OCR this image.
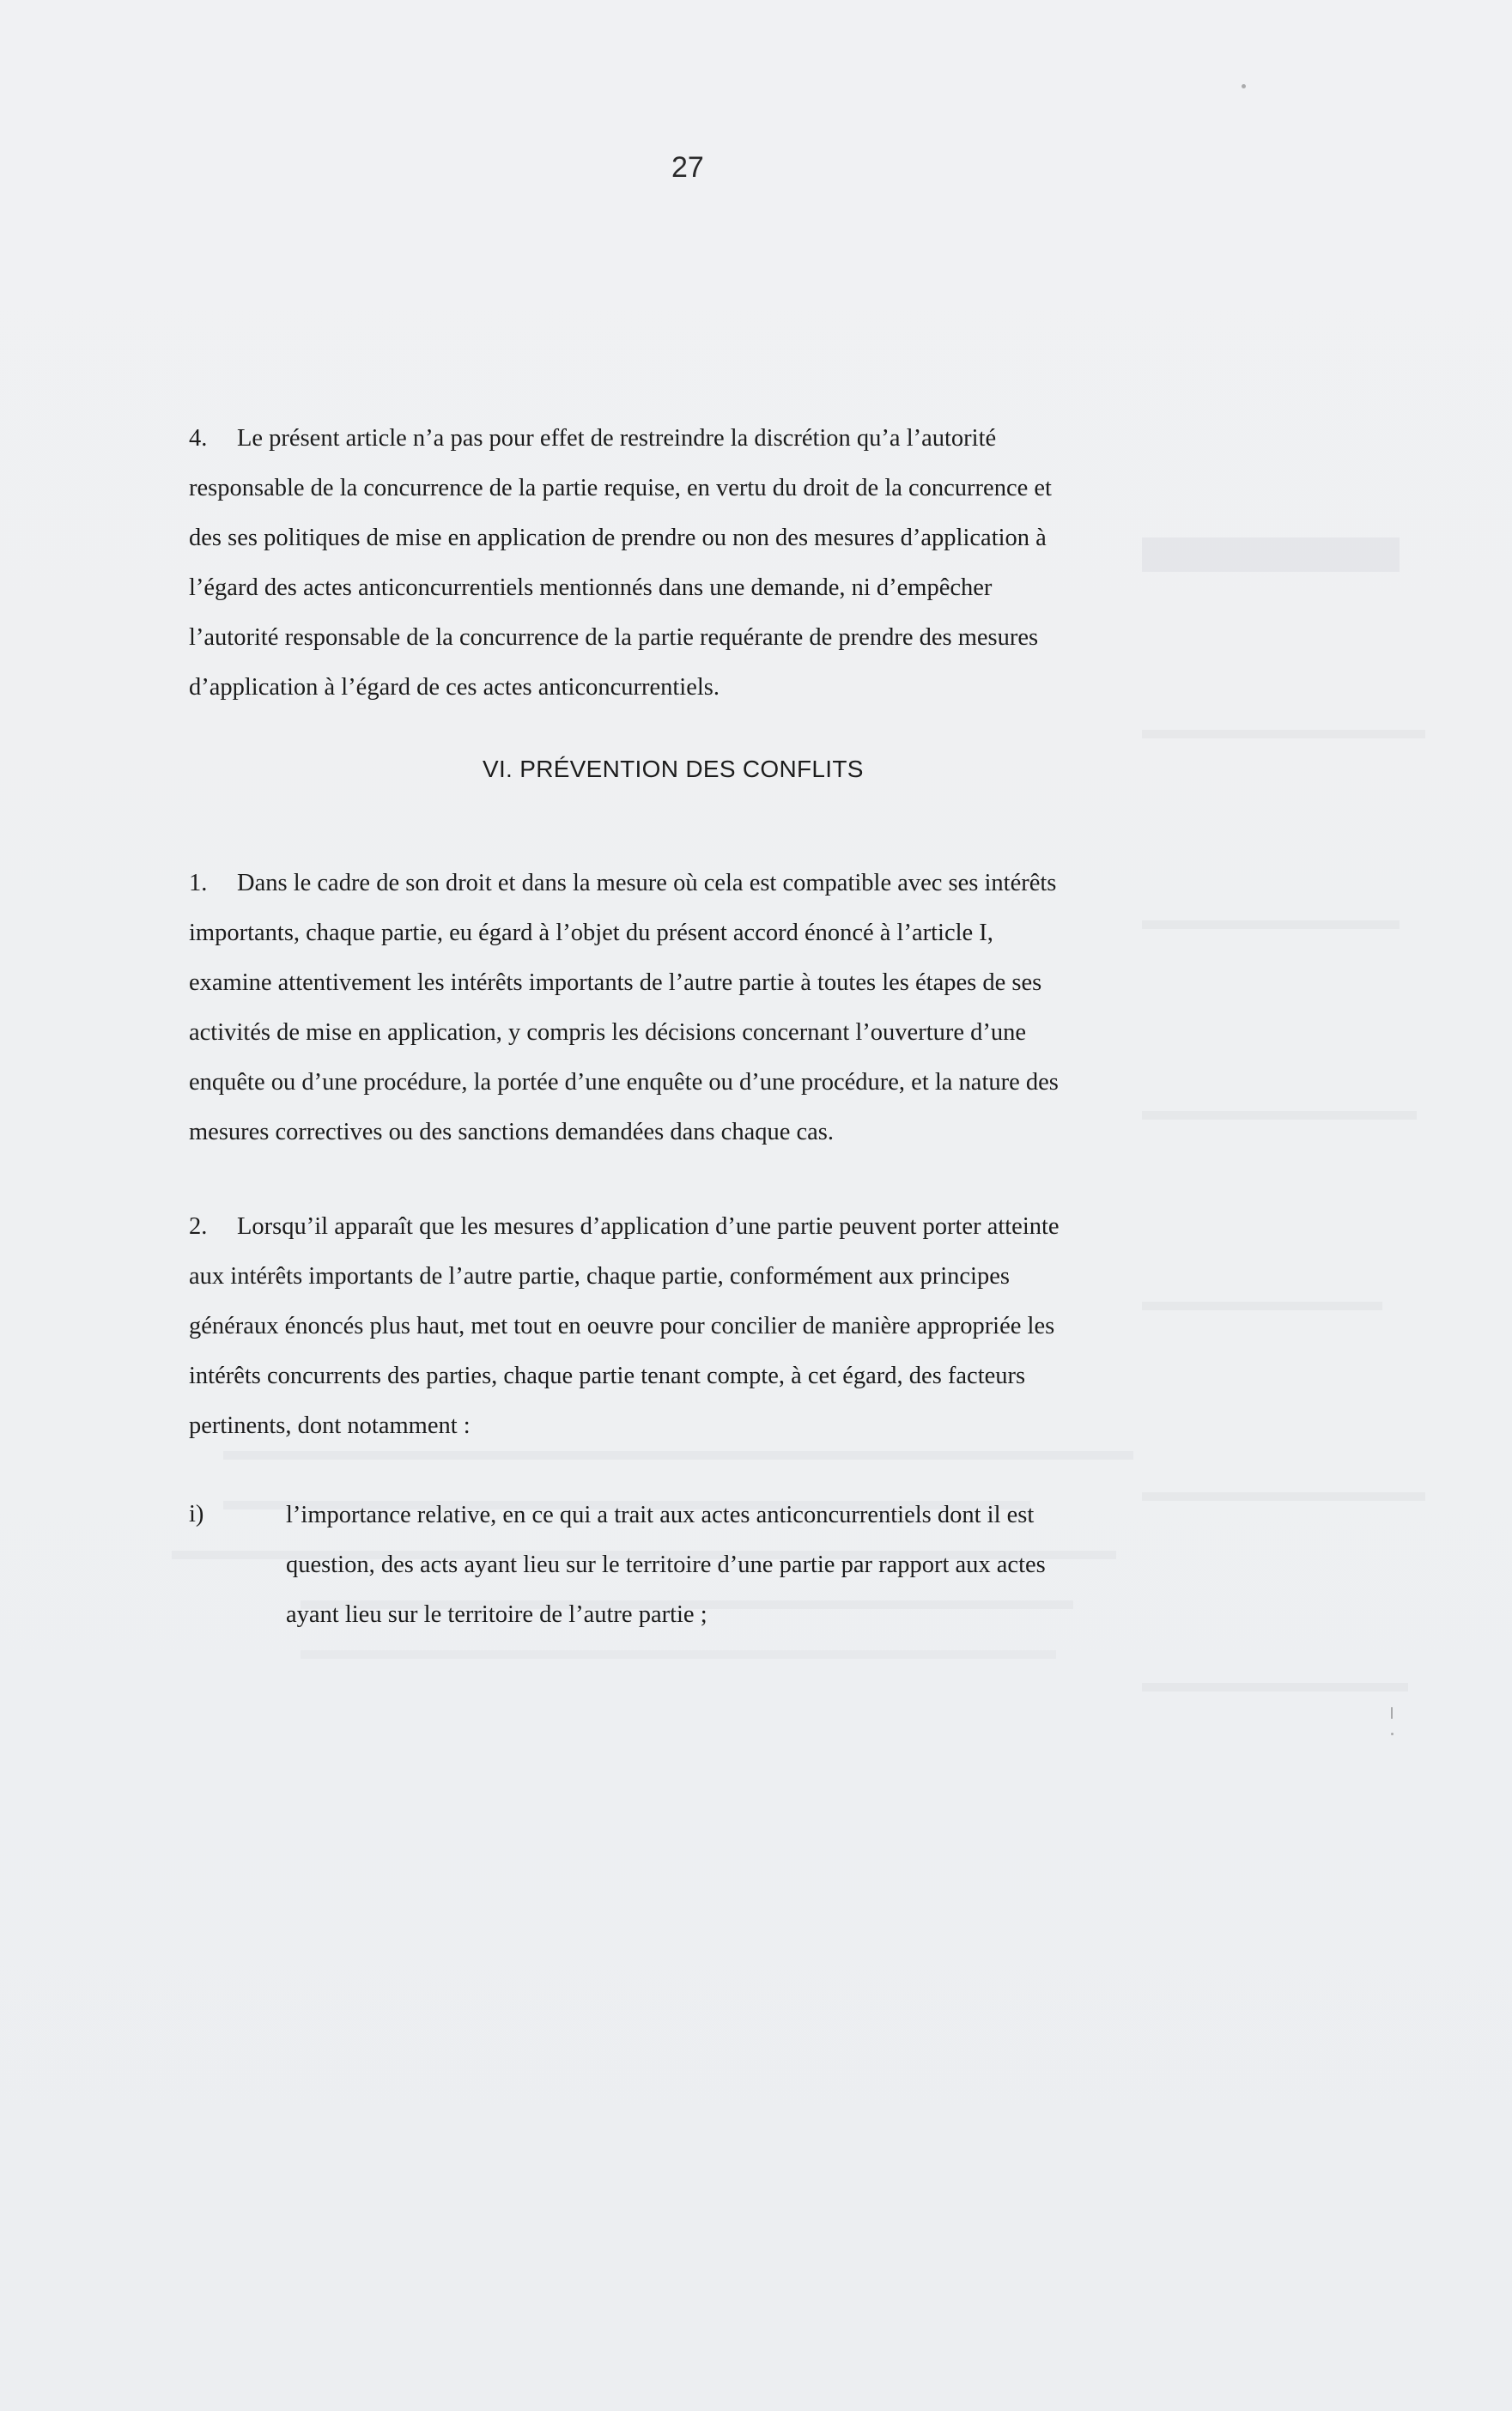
27
4. Le présent article n’a pas pour effet de restreindre la discrétion qu’a l’autorité
responsable de la concurrence de la partie requise, en vertu du droit de la concurrence et
des ses politiques de mise en application de prendre ou non des mesures d’application à
l’égard des actes anticoncurrentiels mentionnés dans une demande, ni d’empêcher
l’autorité responsable de la concurrence de la partie requérante de prendre des mesures
d’application à l’égard de ces actes anticoncurrentiels.
VI. PRÉVENTION DES CONFLITS
1. Dans le cadre de son droit et dans la mesure où cela est compatible avec ses intérêts
importants, chaque partie, eu égard à l’objet du présent accord énoncé à l’article I,
examine attentivement les intérêts importants de l’autre partie à toutes les étapes de ses
activités de mise en application, y compris les décisions concernant l’ouverture d’une
enquête ou d’une procédure, la portée d’une enquête ou d’une procédure, et la nature des
mesures correctives ou des sanctions demandées dans chaque cas.
2. Lorsqu’il apparaît que les mesures d’application d’une partie peuvent porter atteinte
aux intérêts importants de l’autre partie, chaque partie, conformément aux principes
généraux énoncés plus haut, met tout en oeuvre pour concilier de manière appropriée les
intérêts concurrents des parties, chaque partie tenant compte, à cet égard, des facteurs
pertinents, dont notamment :
i)	l’importance relative, en ce qui a trait aux actes anticoncurrentiels dont il est
question, des acts ayant lieu sur le territoire d’une partie par rapport aux actes
ayant lieu sur le territoire de l’autre partie ;
